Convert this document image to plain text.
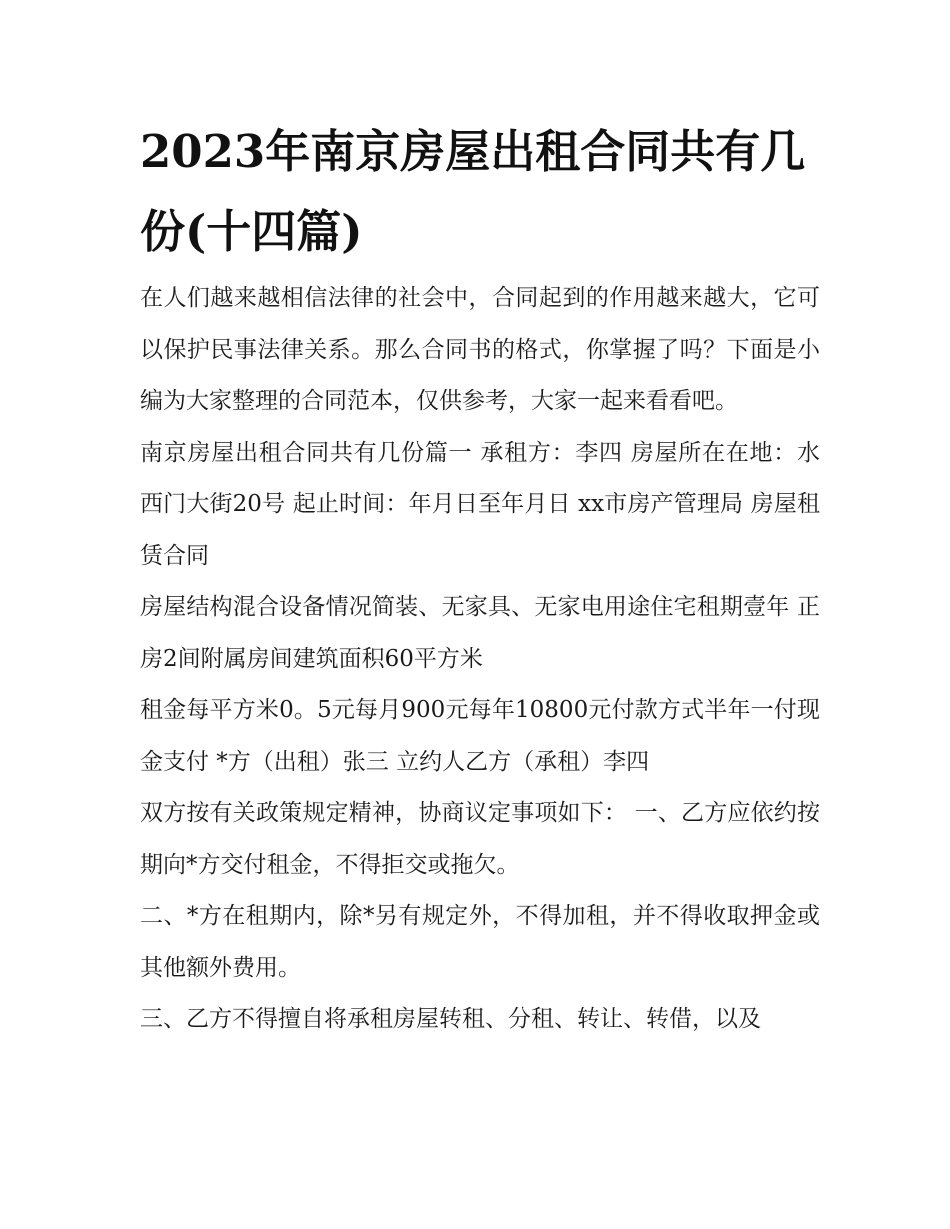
2023年南京房屋出租合同共有几份(十四篇)

在人们越来越相信法律的社会中，合同起到的作用越来越大，它可以保护民事法律关系。那么合同书的格式，你掌握了吗？下面是小编为大家整理的合同范本，仅供参考，大家一起来看看吧。

南京房屋出租合同共有几份篇一 承租方：李四 房屋所在在地：水西门大街20号 起止时间：年月日至年月日 xx市房产管理局 房屋租赁合同

房屋结构混合设备情况简装、无家具、无家电用途住宅租期壹年 正房2间附属房间建筑面积60平方米

租金每平方米0。5元每月900元每年10800元付款方式半年一付现金支付 *方（出租）张三 立约人乙方（承租）李四

双方按有关政策规定精神，协商议定事项如下： 一、乙方应依约按期向*方交付租金，不得拒交或拖欠。

二、*方在租期内，除*另有规定外，不得加租，并不得收取押金或其他额外费用。

三、乙方不得擅自将承租房屋转租、分租、转让、转借，以及
